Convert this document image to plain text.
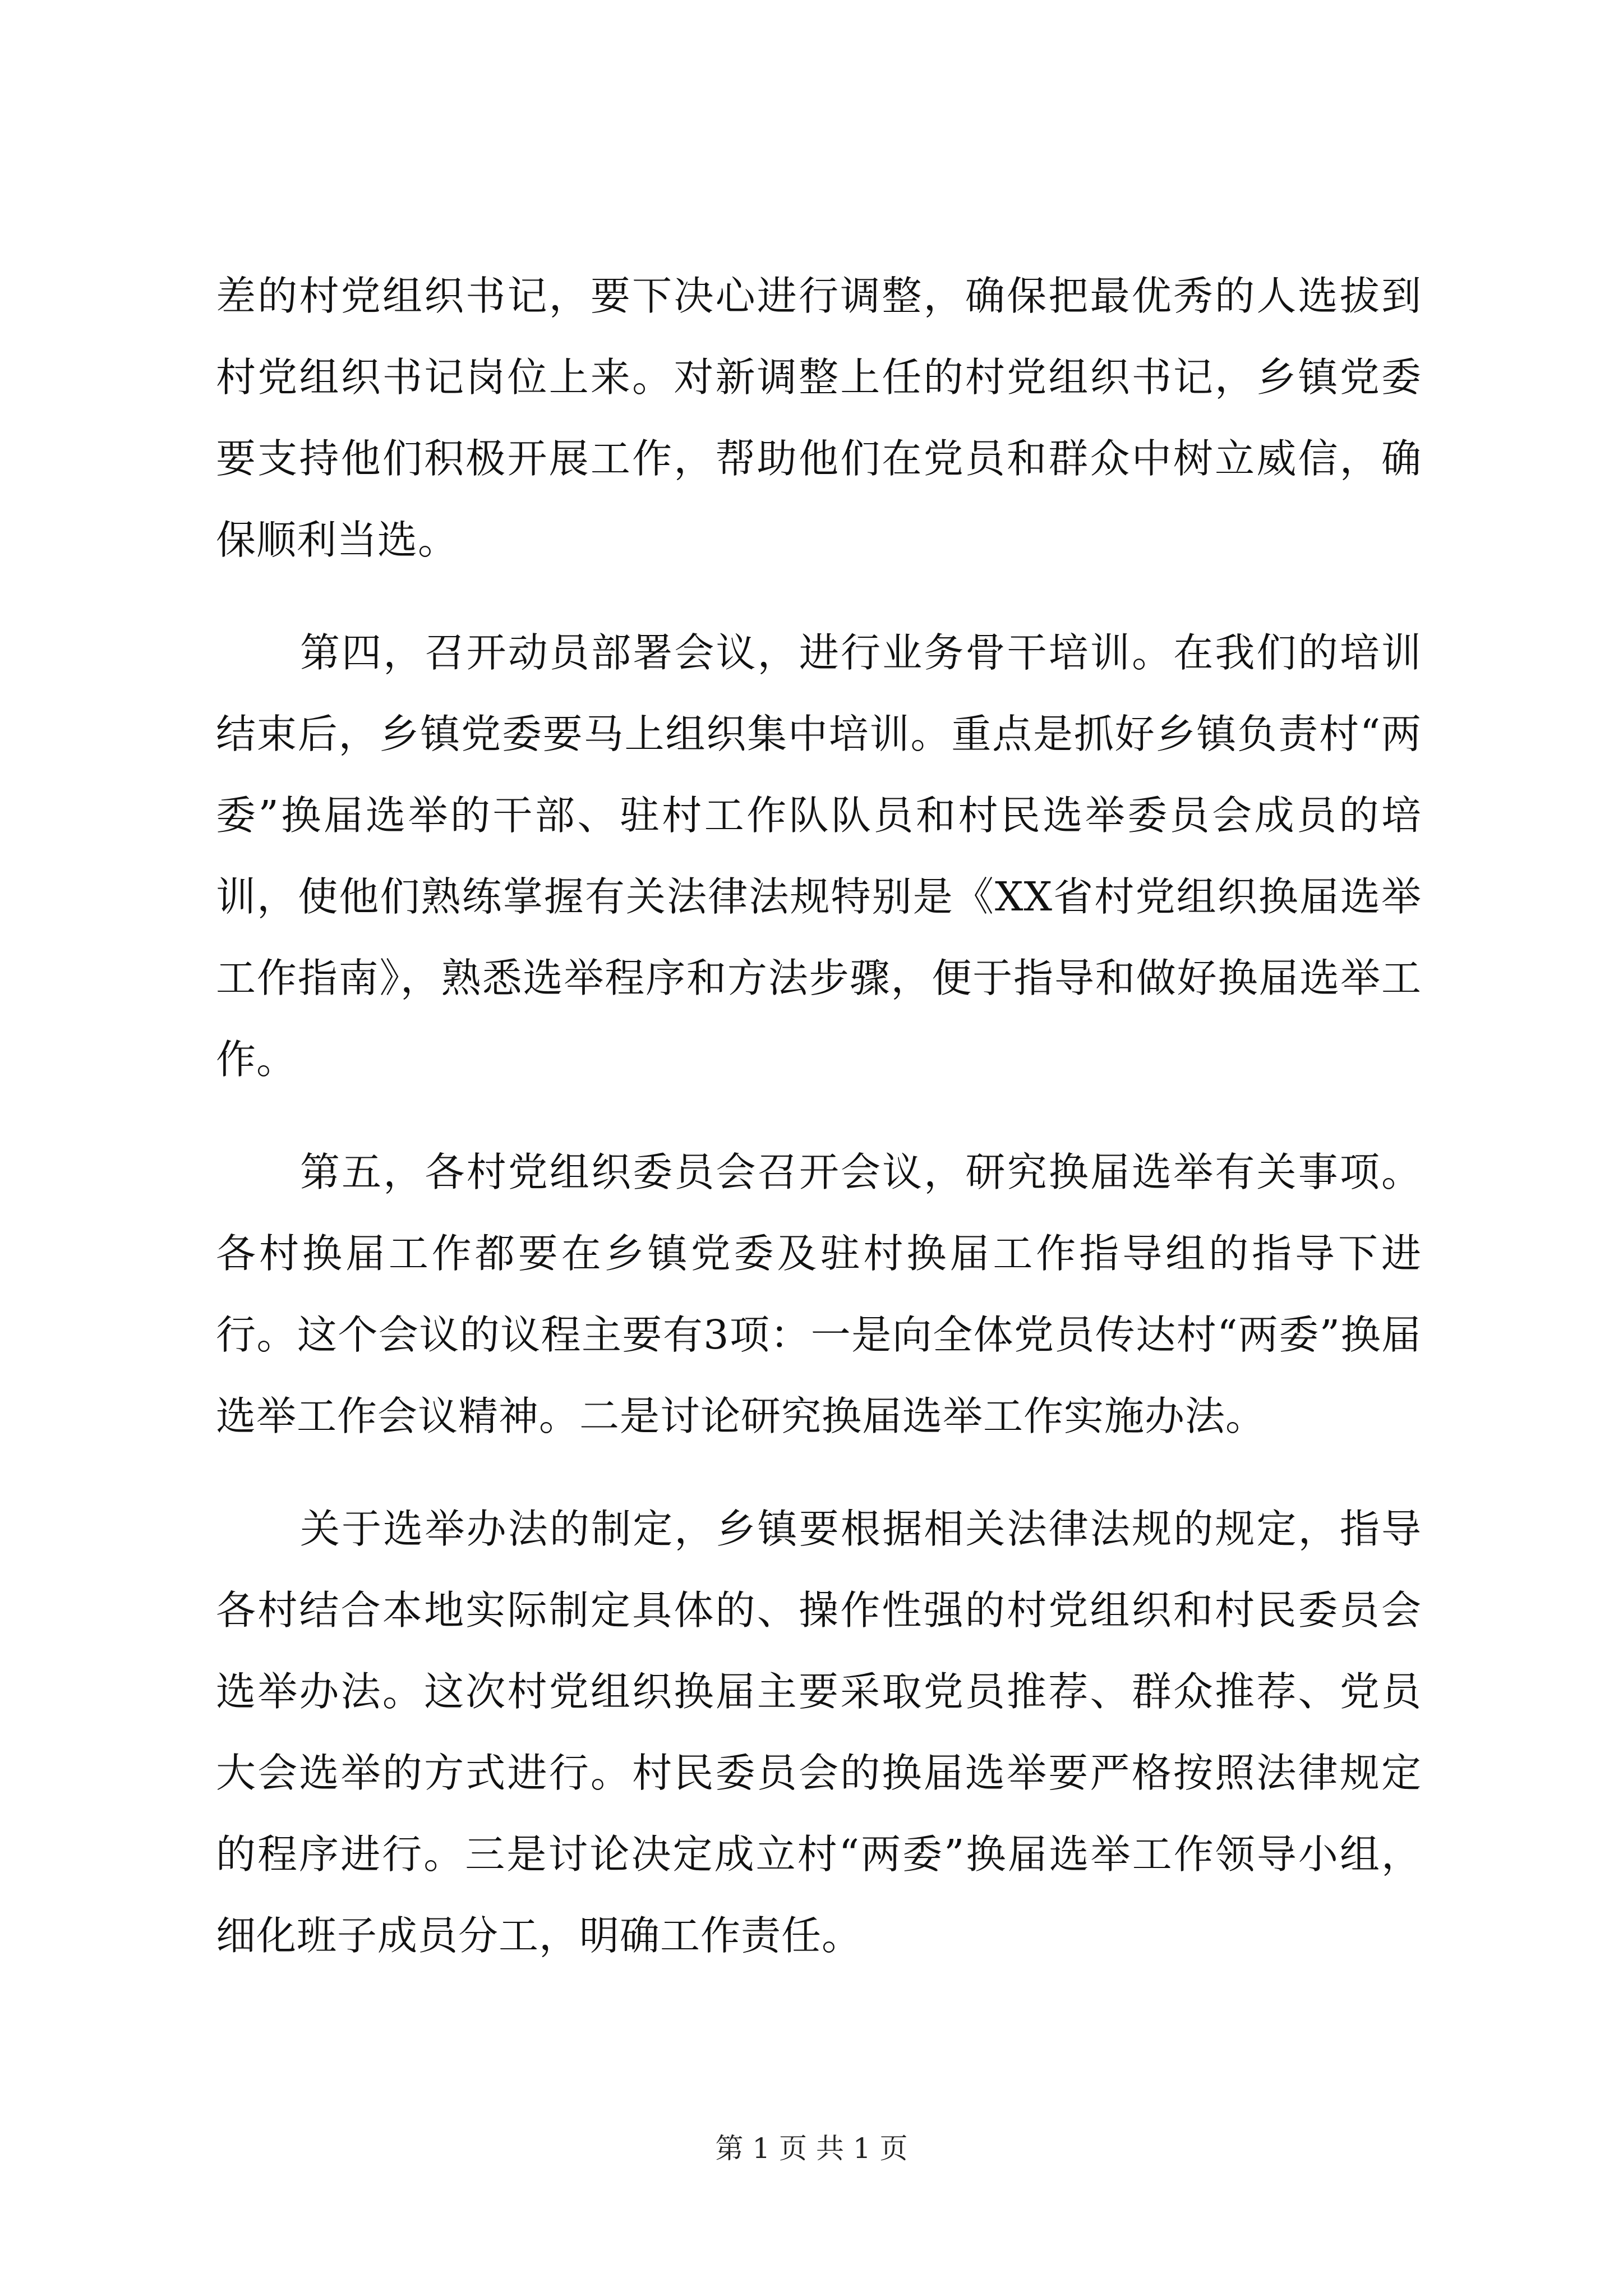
差的村党组织书记，要下决心进行调整，确保把最优秀的人选拔到村党组织书记岗位上来。对新调整上任的村党组织书记，乡镇党委要支持他们积极开展工作，帮助他们在党员和群众中树立威信，确保顺利当选。

第四，召开动员部署会议，进行业务骨干培训。在我们的培训结束后，乡镇党委要马上组织集中培训。重点是抓好乡镇负责村“两委”换届选举的干部、驻村工作队队员和村民选举委员会成员的培训，使他们熟练掌握有关法律法规特别是《XX省村党组织换届选举工作指南》，熟悉选举程序和方法步骤，便于指导和做好换届选举工作。

第五，各村党组织委员会召开会议，研究换届选举有关事项。各村换届工作都要在乡镇党委及驻村换届工作指导组的指导下进行。这个会议的议程主要有3项：一是向全体党员传达村“两委”换届选举工作会议精神。二是讨论研究换届选举工作实施办法。

关于选举办法的制定，乡镇要根据相关法律法规的规定，指导各村结合本地实际制定具体的、操作性强的村党组织和村民委员会选举办法。这次村党组织换届主要采取党员推荐、群众推荐、党员大会选举的方式进行。村民委员会的换届选举要严格按照法律规定的程序进行。三是讨论决定成立村“两委”换届选举工作领导小组，细化班子成员分工，明确工作责任。

第 1 页 共 1 页
